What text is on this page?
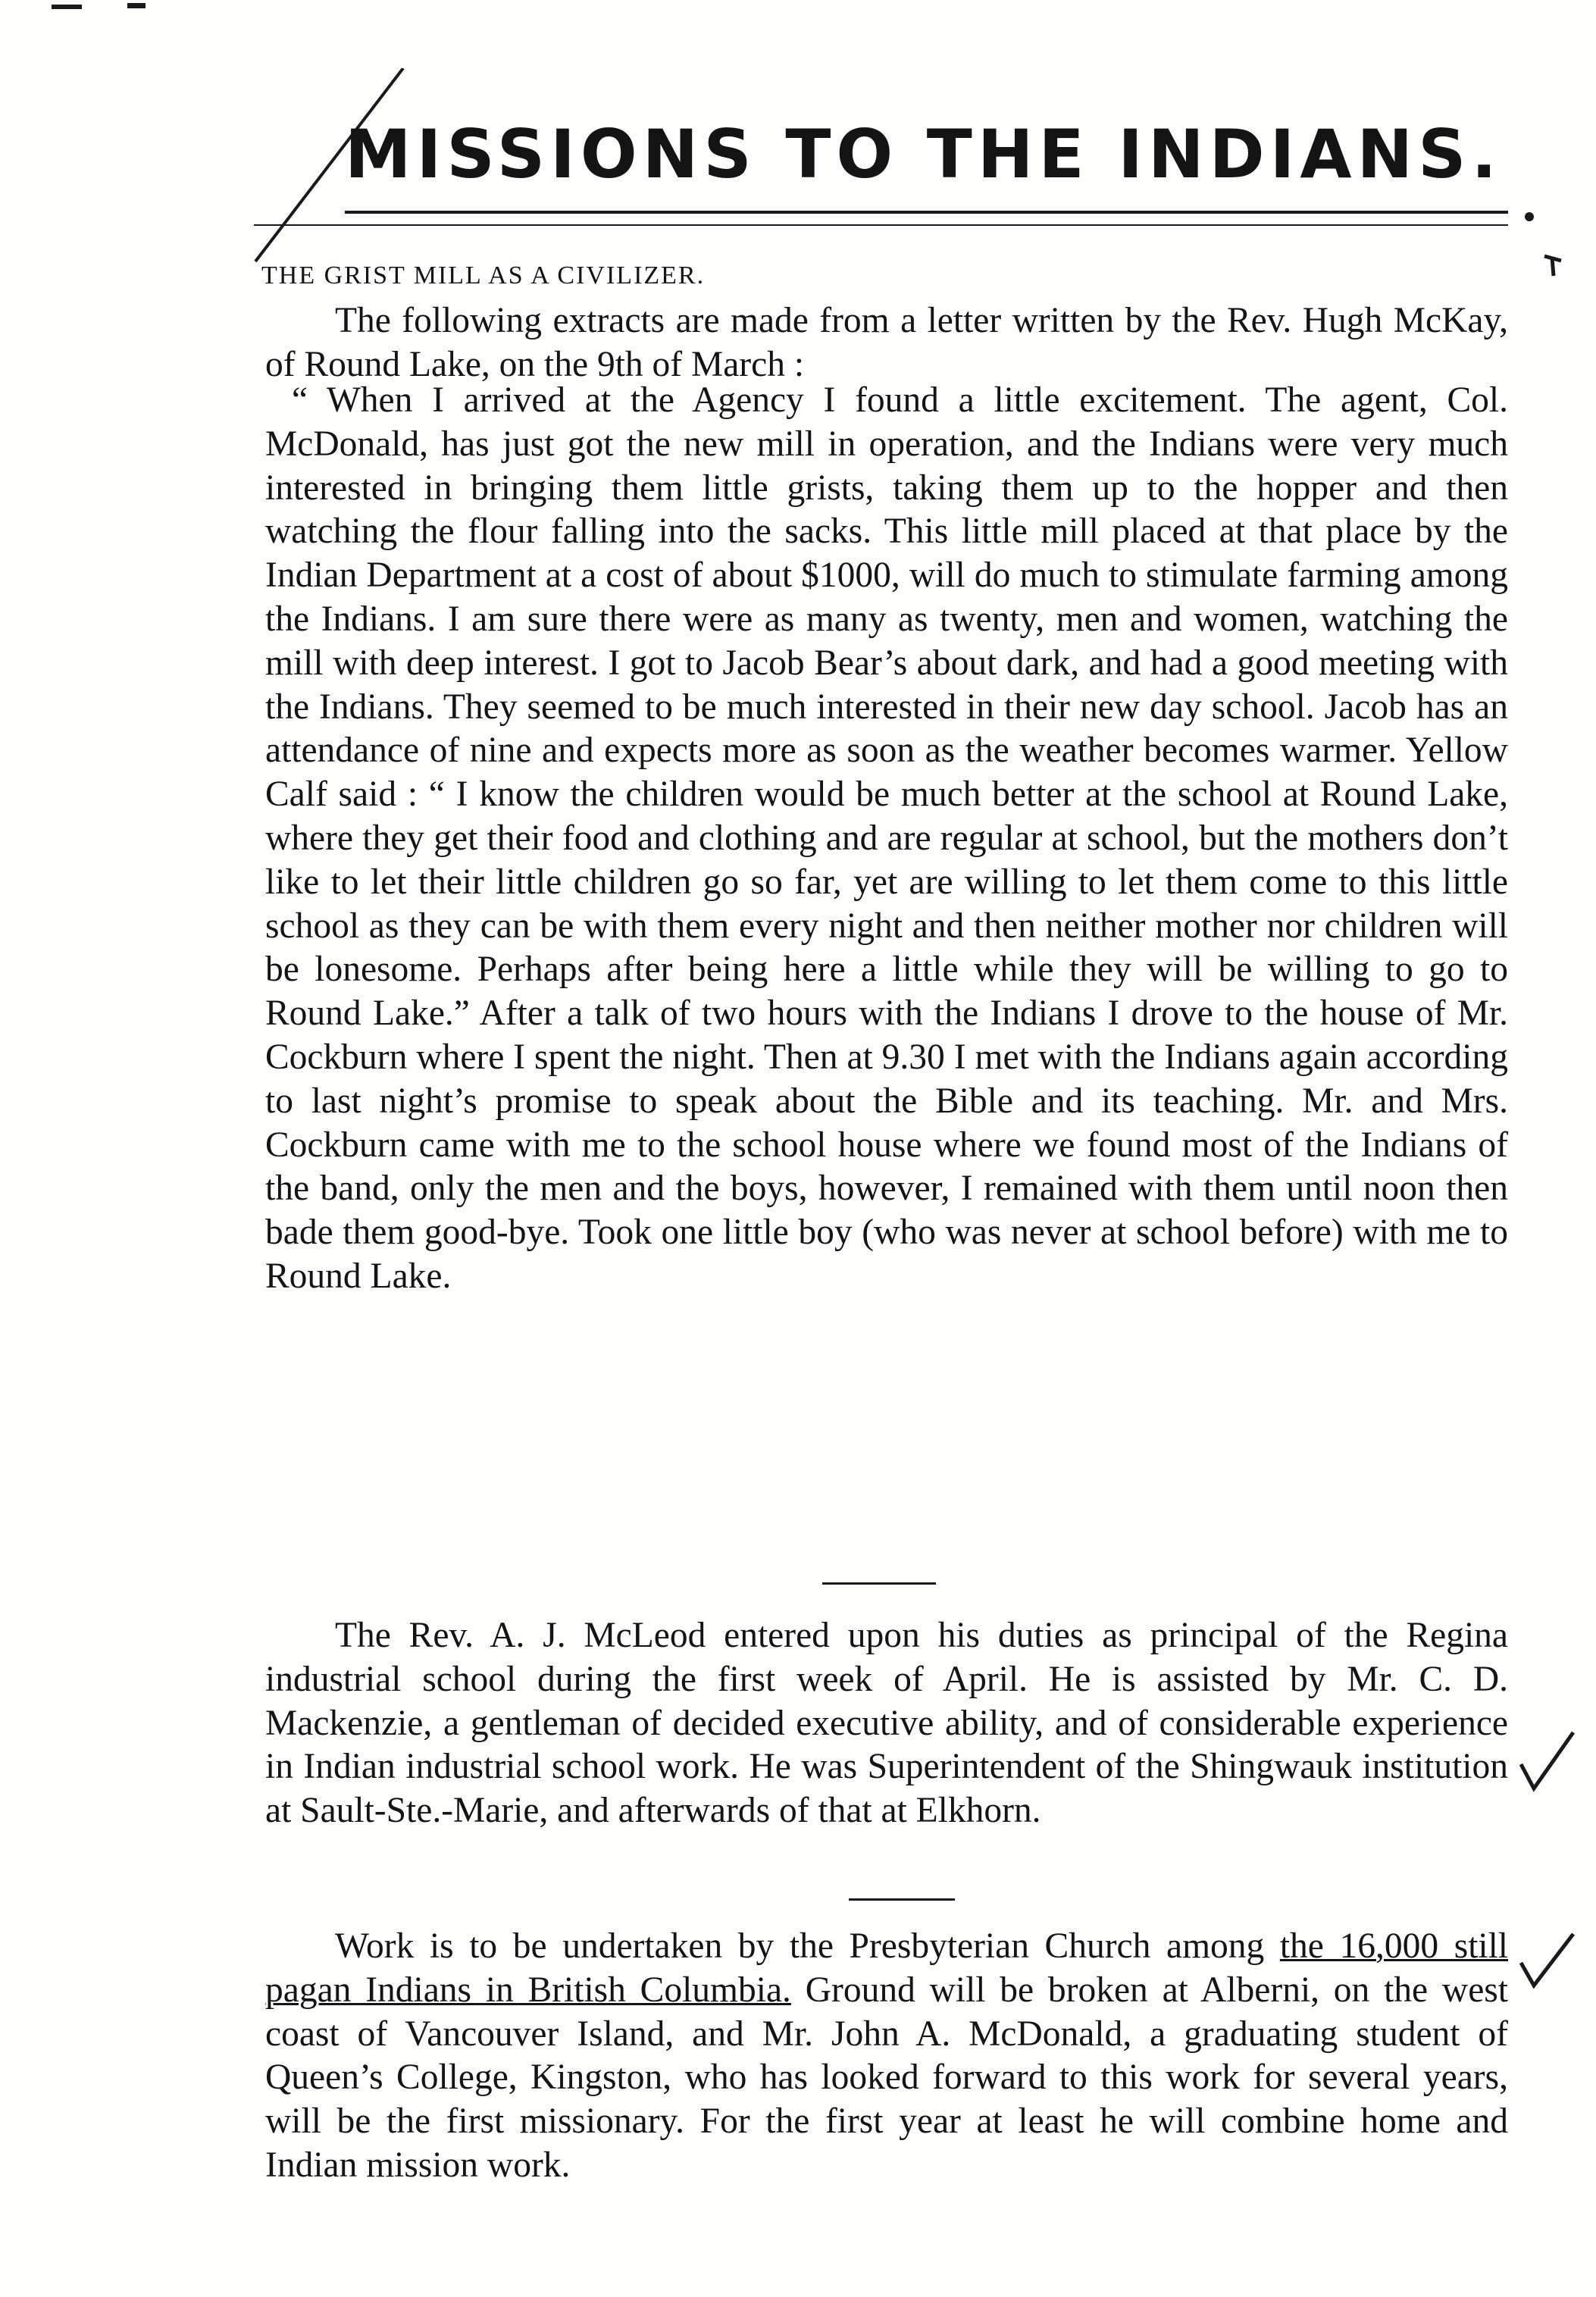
MISSIONS TO THE INDIANS.
THE GRIST MILL AS A CIVILIZER.

The following extracts are made from a letter written by the Rev. Hugh McKay, of Round Lake, on the 9th of March :

“ When I arrived at the Agency I found a little excitement. The agent, Col. McDonald, has just got the new mill in operation, and the Indians were very much interested in bringing them little grists, taking them up to the hopper and then watching the flour falling into the sacks. This little mill placed at that place by the Indian Department at a cost of about $1000, will do much to stimulate farming among the Indians. I am sure there were as many as twenty, men and women, watching the mill with deep interest. I got to Jacob Bear’s about dark, and had a good meeting with the Indians. They seemed to be much interested in their new day school. Jacob has an attendance of nine and expects more as soon as the weather becomes warmer. Yellow Calf said : “ I know the children would be much better at the school at Round Lake, where they get their food and clothing and are regular at school, but the mothers don’t like to let their little children go so far, yet are willing to let them come to this little school as they can be with them every night and then neither mother nor children will be lonesome. Perhaps after being here a little while they will be willing to go to Round Lake.” After a talk of two hours with the Indians I drove to the house of Mr. Cockburn where I spent the night. Then at 9.30 I met with the Indians again according to last night’s promise to speak about the Bible and its teaching. Mr. and Mrs. Cockburn came with me to the school house where we found most of the Indians of the band, only the men and the boys, however, I remained with them until noon then bade them good-bye. Took one little boy (who was never at school before) with me to Round Lake.

The Rev. A. J. McLeod entered upon his duties as principal of the Regina industrial school during the first week of April. He is assisted by Mr. C. D. Mackenzie, a gentleman of decided executive ability, and of considerable experience in Indian industrial school work. He was Superintendent of the Shingwauk institution at Sault-Ste.-Marie, and afterwards of that at Elkhorn.

Work is to be undertaken by the Presbyterian Church among the 16,000 still pagan Indians in British Columbia. Ground will be broken at Alberni, on the west coast of Vancouver Island, and Mr. John A. McDonald, a graduating student of Queen’s College, Kingston, who has looked forward to this work for several years, will be the first missionary. For the first year at least he will combine home and Indian mission work.
